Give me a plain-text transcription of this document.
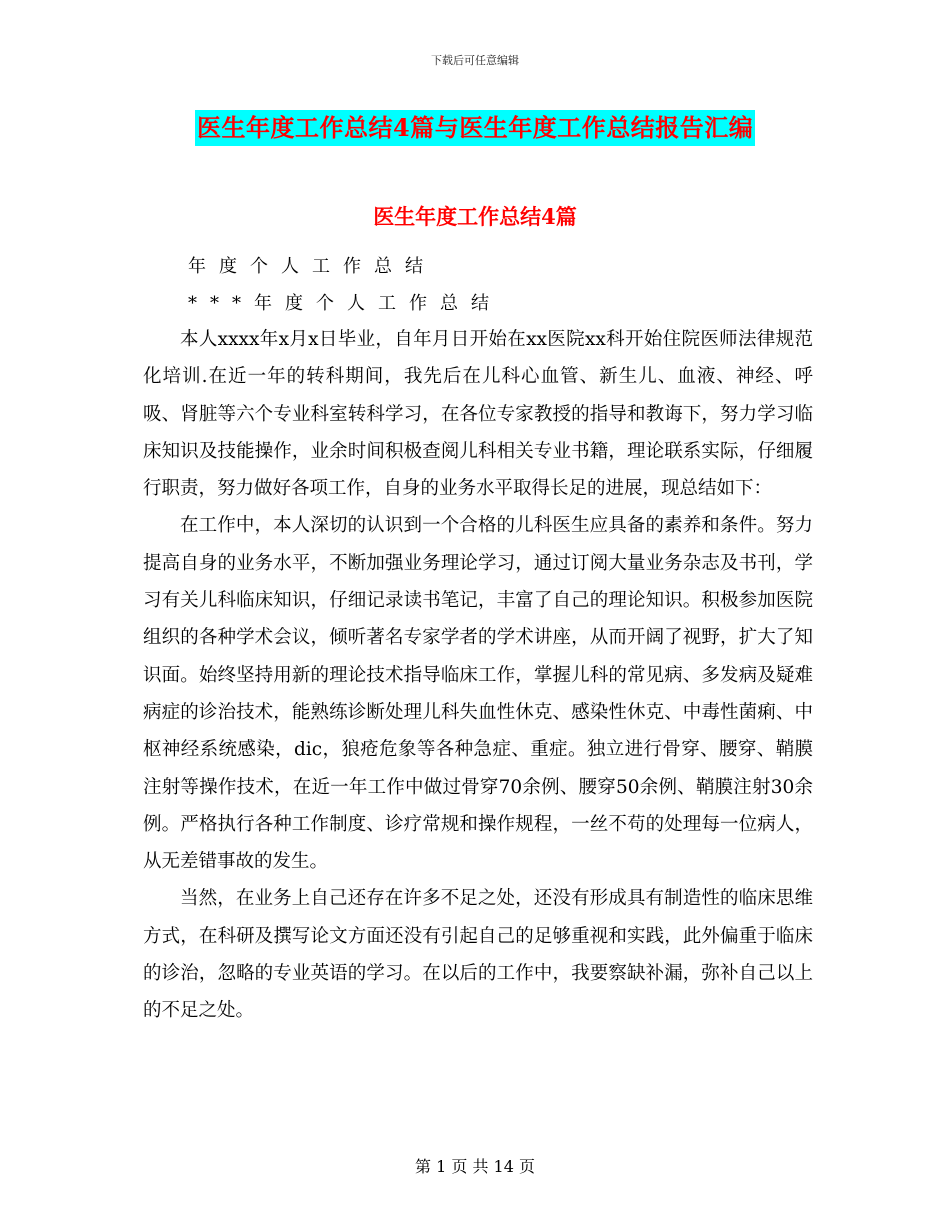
下载后可任意编辑
医生年度工作总结4篇与医生年度工作总结报告汇编
医生年度工作总结4篇
年度个人工作总结
***年度个人工作总结

本人xxxx年x月x日毕业，自年月日开始在xx医院xx科开始住院医师法律规范化培训.在近一年的转科期间，我先后在儿科心血管、新生儿、血液、神经、呼吸、肾脏等六个专业科室转科学习，在各位专家教授的指导和教诲下，努力学习临床知识及技能操作，业余时间积极查阅儿科相关专业书籍，理论联系实际，仔细履行职责，努力做好各项工作，自身的业务水平取得长足的进展，现总结如下：

在工作中，本人深切的认识到一个合格的儿科医生应具备的素养和条件。努力提高自身的业务水平，不断加强业务理论学习，通过订阅大量业务杂志及书刊，学习有关儿科临床知识，仔细记录读书笔记，丰富了自己的理论知识。积极参加医院组织的各种学术会议，倾听著名专家学者的学术讲座，从而开阔了视野，扩大了知识面。始终坚持用新的理论技术指导临床工作，掌握儿科的常见病、多发病及疑难病症的诊治技术，能熟练诊断处理儿科失血性休克、感染性休克、中毒性菌痢、中枢神经系统感染，dic，狼疮危象等各种急症、重症。独立进行骨穿、腰穿、鞘膜注射等操作技术，在近一年工作中做过骨穿70余例、腰穿50余例、鞘膜注射30余例。严格执行各种工作制度、诊疗常规和操作规程，一丝不苟的处理每一位病人，从无差错事故的发生。

当然，在业务上自己还存在许多不足之处，还没有形成具有制造性的临床思维方式，在科研及撰写论文方面还没有引起自己的足够重视和实践，此外偏重于临床的诊治，忽略的专业英语的学习。在以后的工作中，我要察缺补漏，弥补自己以上的不足之处。

第 1 页 共 14 页
